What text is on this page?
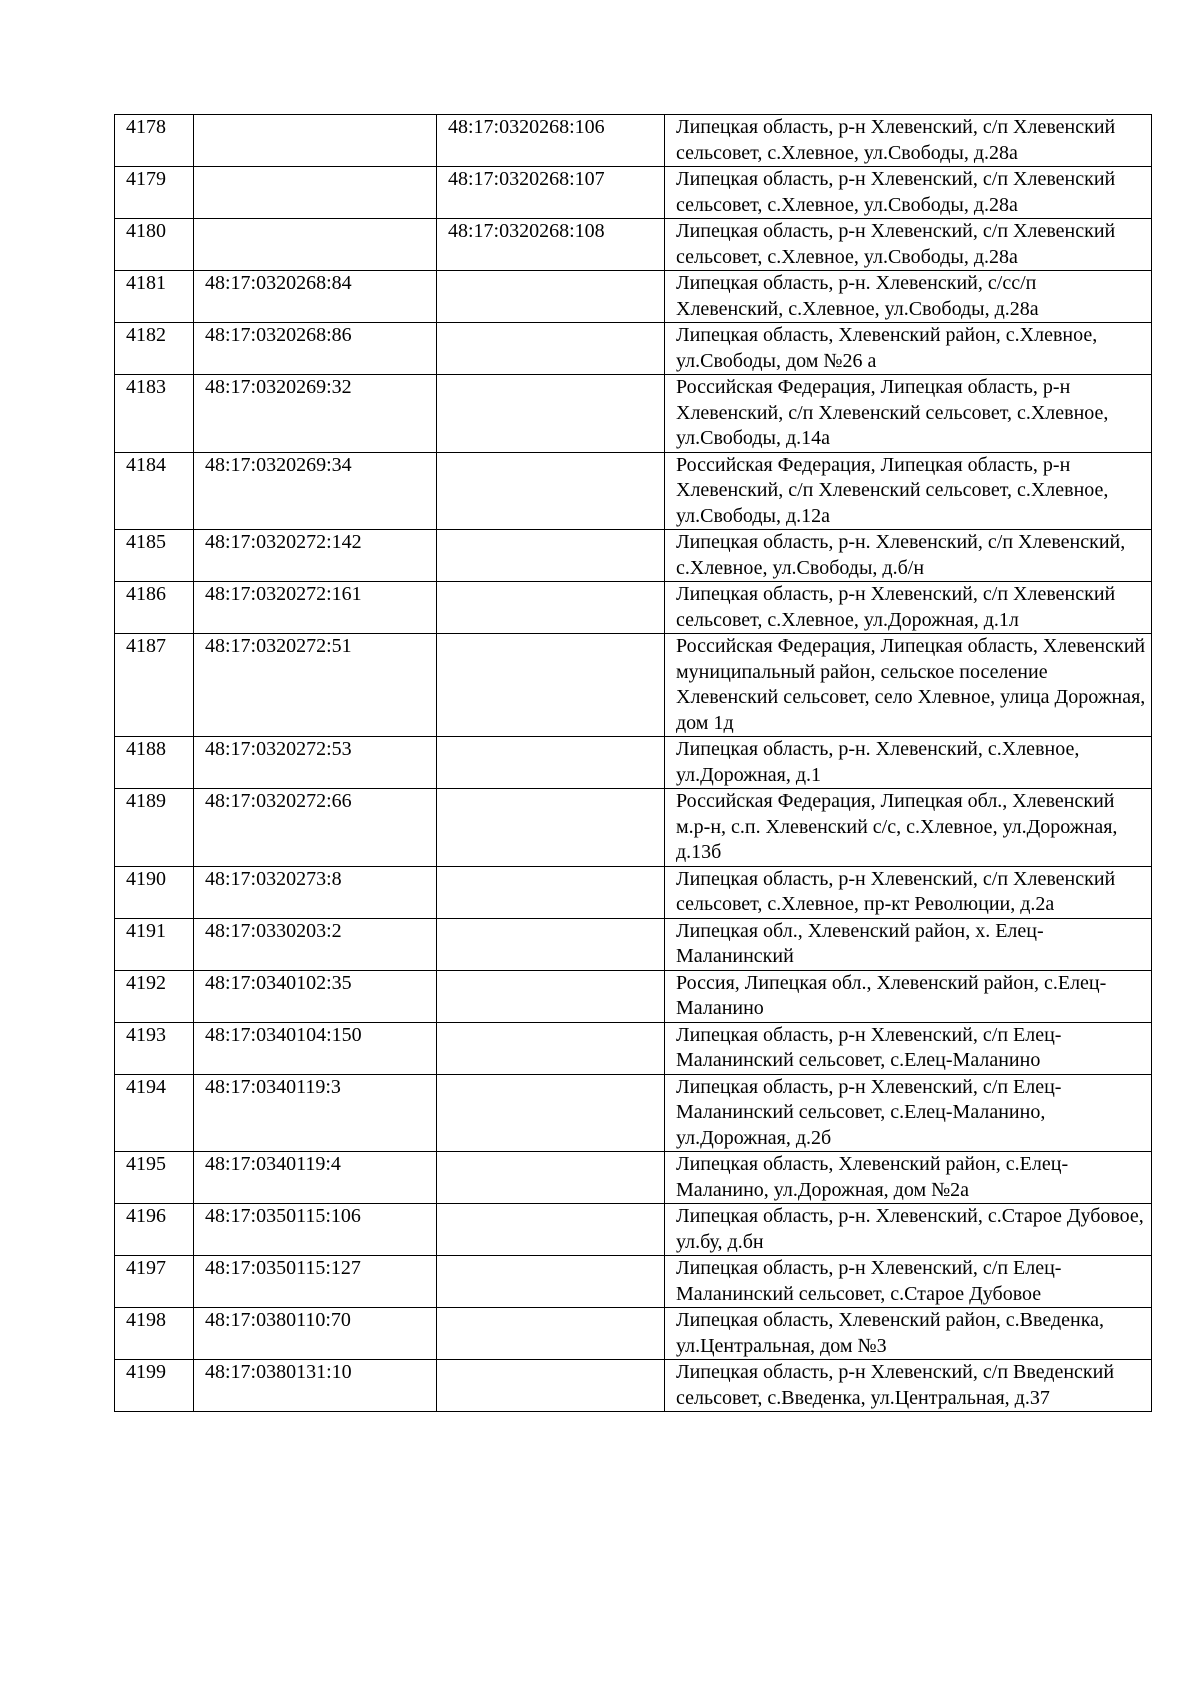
4178		48:17:0320268:106	Липецкая область, р-н Хлевенский, с/п Хлевенский сельсовет, с.Хлевное, ул.Свободы, д.28а
4179		48:17:0320268:107	Липецкая область, р-н Хлевенский, с/п Хлевенский сельсовет, с.Хлевное, ул.Свободы, д.28а
4180		48:17:0320268:108	Липецкая область, р-н Хлевенский, с/п Хлевенский сельсовет, с.Хлевное, ул.Свободы, д.28а
4181	48:17:0320268:84		Липецкая область, р-н. Хлевенский, с/сс/п Хлевенский, с.Хлевное, ул.Свободы, д.28а
4182	48:17:0320268:86		Липецкая область, Хлевенский район, с.Хлевное, ул.Свободы, дом №26 а
4183	48:17:0320269:32		Российская Федерация, Липецкая область, р-н Хлевенский, с/п Хлевенский сельсовет, с.Хлевное, ул.Свободы, д.14а
4184	48:17:0320269:34		Российская Федерация, Липецкая область, р-н Хлевенский, с/п Хлевенский сельсовет, с.Хлевное, ул.Свободы, д.12а
4185	48:17:0320272:142		Липецкая область, р-н. Хлевенский, с/п Хлевенский, с.Хлевное, ул.Свободы, д.б/н
4186	48:17:0320272:161		Липецкая область, р-н Хлевенский, с/п Хлевенский сельсовет, с.Хлевное, ул.Дорожная, д.1л
4187	48:17:0320272:51		Российская Федерация, Липецкая область, Хлевенский муниципальный район, сельское поселение Хлевенский сельсовет, село Хлевное, улица Дорожная, дом 1д
4188	48:17:0320272:53		Липецкая область, р-н. Хлевенский, с.Хлевное, ул.Дорожная, д.1
4189	48:17:0320272:66		Российская Федерация, Липецкая обл., Хлевенский м.р-н, с.п. Хлевенский с/с, с.Хлевное, ул.Дорожная, д.13б
4190	48:17:0320273:8		Липецкая область, р-н Хлевенский, с/п Хлевенский сельсовет, с.Хлевное, пр-кт Революции, д.2а
4191	48:17:0330203:2		Липецкая обл., Хлевенский район, х. Елец-Маланинский
4192	48:17:0340102:35		Россия, Липецкая обл., Хлевенский район, с.Елец-Маланино
4193	48:17:0340104:150		Липецкая область, р-н Хлевенский, с/п Елец-Маланинский сельсовет, с.Елец-Маланино
4194	48:17:0340119:3		Липецкая область, р-н Хлевенский, с/п Елец-Маланинский сельсовет, с.Елец-Маланино, ул.Дорожная, д.2б
4195	48:17:0340119:4		Липецкая область, Хлевенский район, с.Елец-Маланино, ул.Дорожная, дом №2а
4196	48:17:0350115:106		Липецкая область, р-н. Хлевенский, с.Старое Дубовое, ул.бу, д.бн
4197	48:17:0350115:127		Липецкая область, р-н Хлевенский, с/п Елец-Маланинский сельсовет, с.Старое Дубовое
4198	48:17:0380110:70		Липецкая область, Хлевенский район, с.Введенка, ул.Центральная, дом №3
4199	48:17:0380131:10		Липецкая область, р-н Хлевенский, с/п Введенский сельсовет, с.Введенка, ул.Центральная, д.37
